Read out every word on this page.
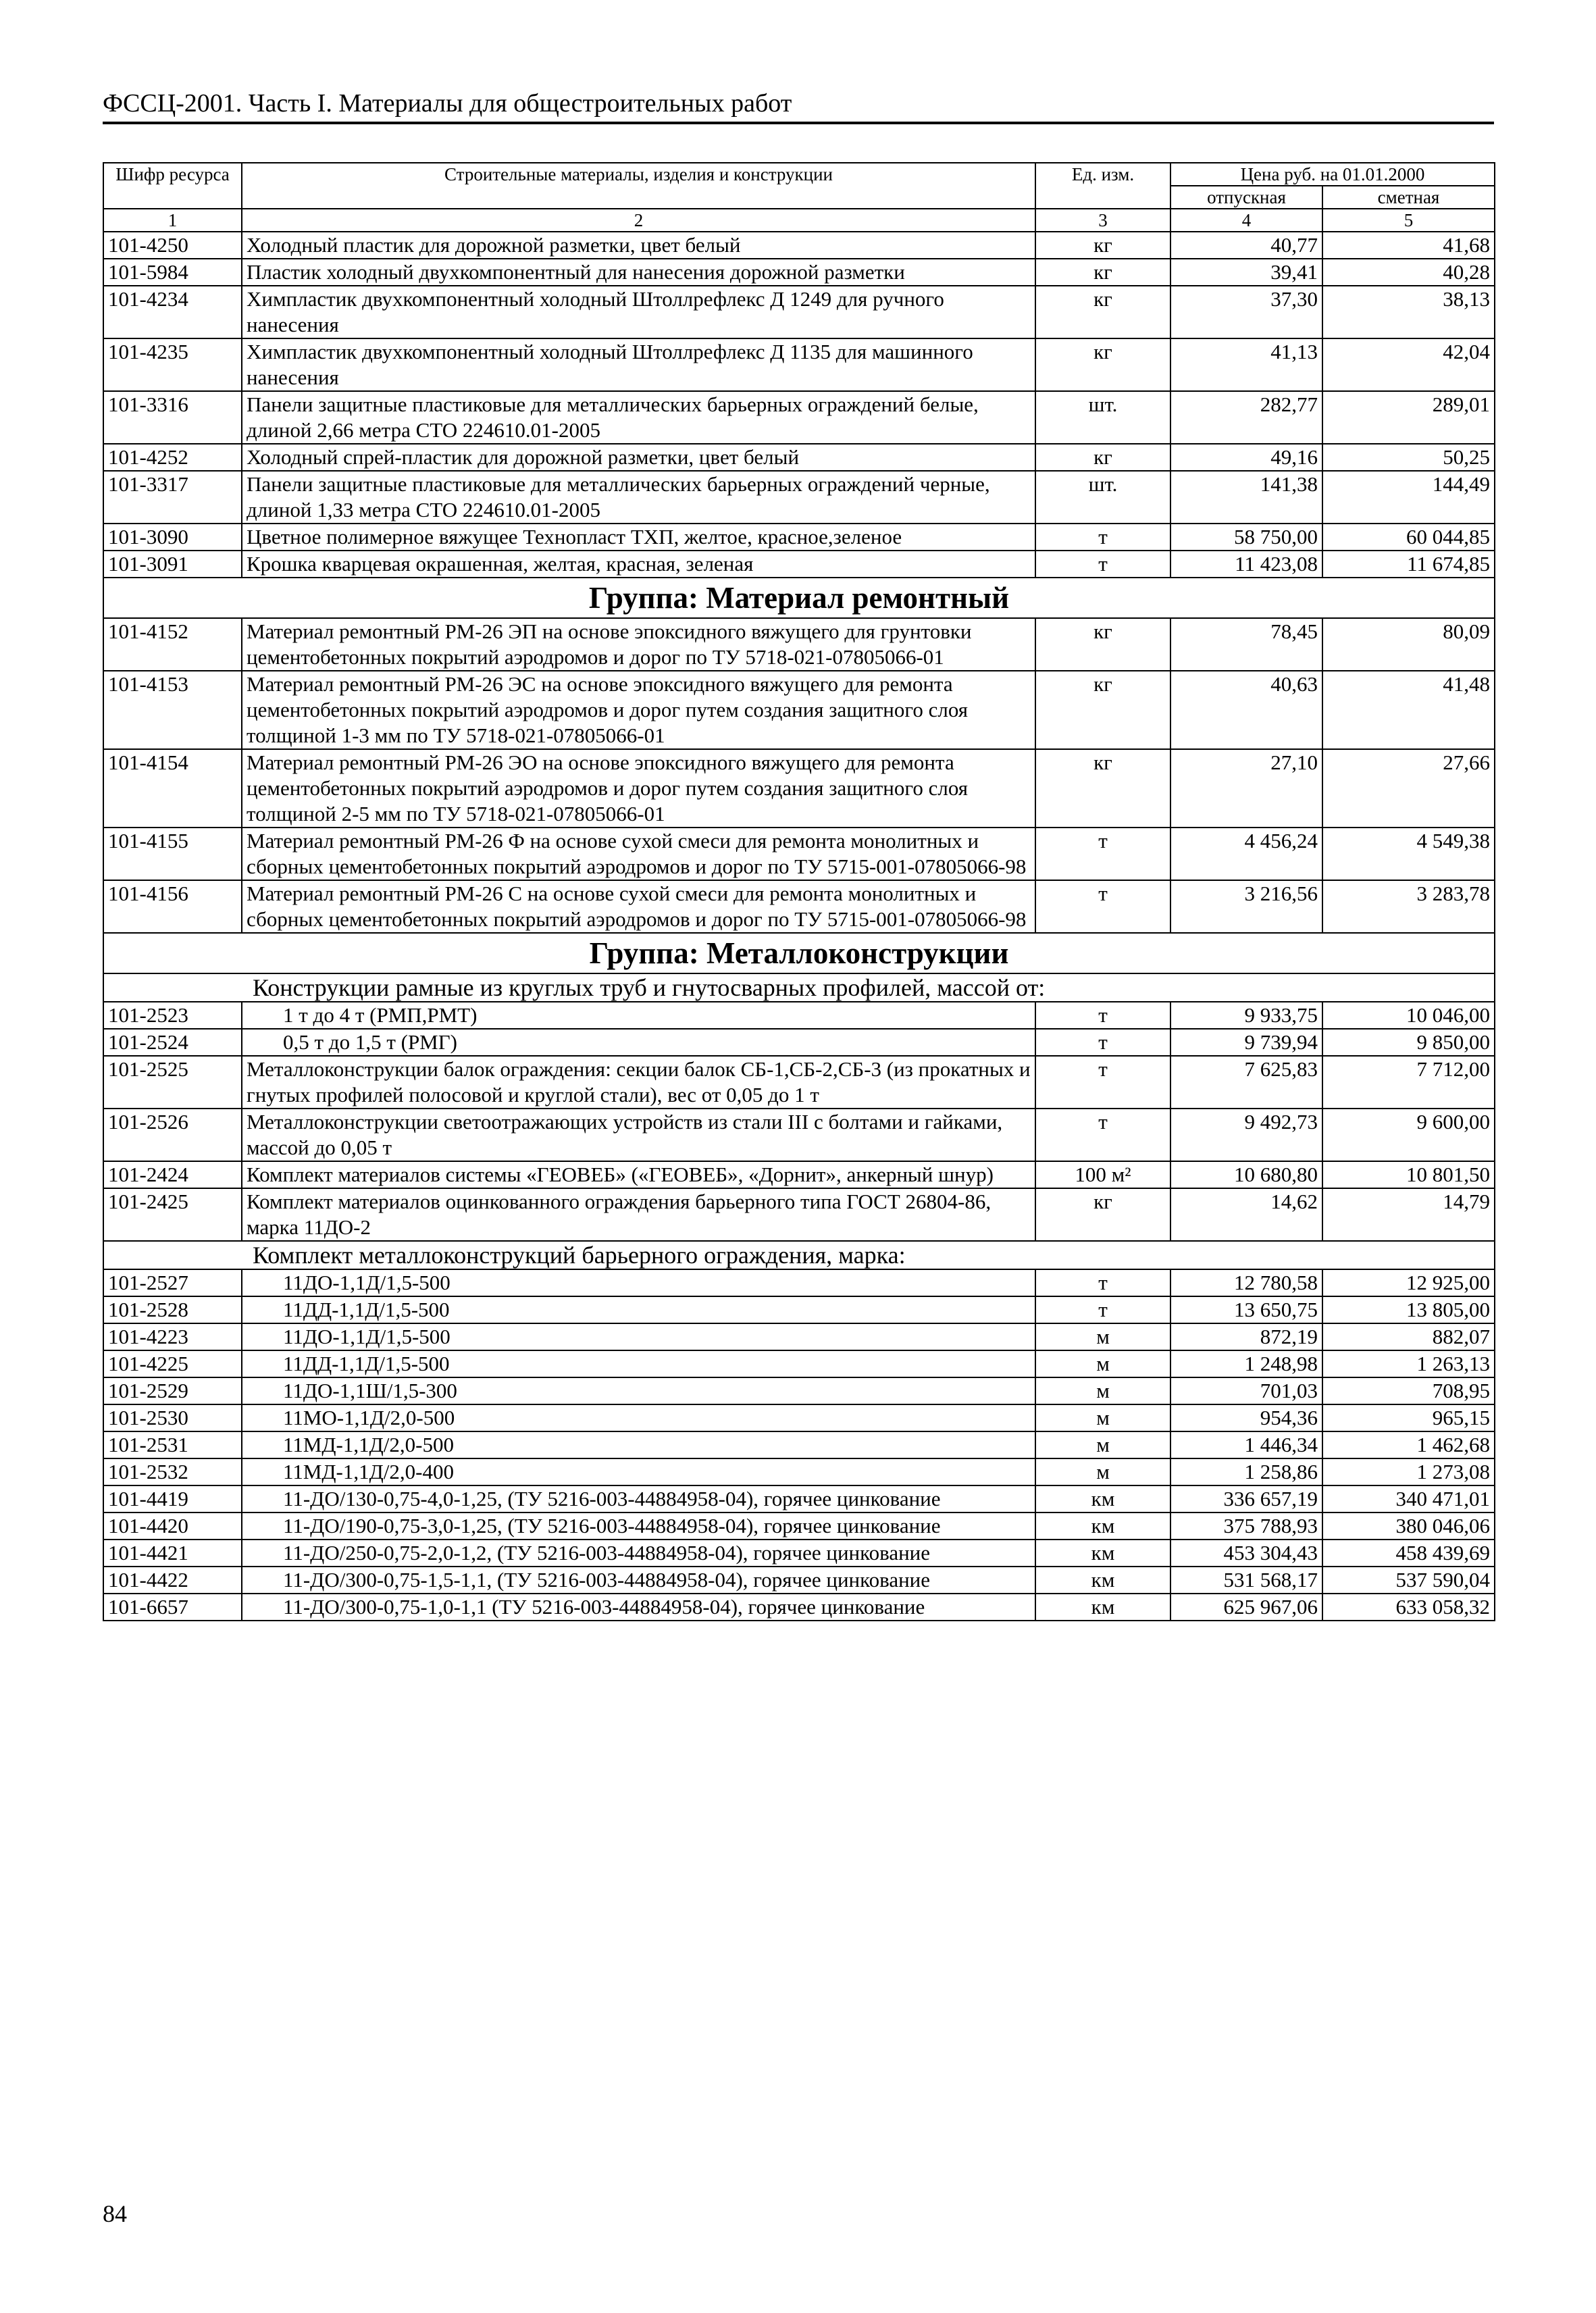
ФССЦ-2001. Часть I. Материалы для общестроительных работ
Шифр ресурса	Строительные материалы, изделия и конструкции	Ед. изм.	Цена руб. на 01.01.2000	
			отпускная	сметная
1	2	3	4	5
101-4250	Холодный пластик для дорожной разметки, цвет белый	кг	40,77	41,68
101-5984	Пластик холодный двухкомпонентный для нанесения дорожной разметки	кг	39,41	40,28
101-4234	Химпластик двухкомпонентный холодный Штоллрефлекс Д 1249 для ручного нанесения	кг	37,30	38,13
101-4235	Химпластик двухкомпонентный холодный Штоллрефлекс Д 1135 для машинного нанесения	кг	41,13	42,04
101-3316	Панели защитные пластиковые для металлических барьерных ограждений белые, длиной 2,66 метра СТО 224610.01-2005	шт.	282,77	289,01
101-4252	Холодный спрей-пластик для дорожной разметки, цвет белый	кг	49,16	50,25
101-3317	Панели защитные пластиковые для металлических барьерных ограждений черные, длиной 1,33 метра СТО 224610.01-2005	шт.	141,38	144,49
101-3090	Цветное полимерное вяжущее Технопласт ТХП, желтое, красное,зеленое	т	58 750,00	60 044,85
101-3091	Крошка кварцевая окрашенная, желтая, красная, зеленая	т	11 423,08	11 674,85
Группа: Материал ремонтный				
101-4152	Материал ремонтный РМ-26 ЭП на основе эпоксидного вяжущего для грунтовки цементобетонных покрытий аэродромов и дорог по ТУ 5718-021-07805066-01	кг	78,45	80,09
101-4153	Материал ремонтный РМ-26 ЭС на основе эпоксидного вяжущего для ремонта цементобетонных покрытий аэродромов и дорог путем создания защитного слоя толщиной 1-3 мм по ТУ 5718-021-07805066-01	кг	40,63	41,48
101-4154	Материал ремонтный РМ-26 ЭО на основе эпоксидного вяжущего для ремонта цементобетонных покрытий аэродромов и дорог путем создания защитного слоя толщиной 2-5 мм по ТУ 5718-021-07805066-01	кг	27,10	27,66
101-4155	Материал ремонтный РМ-26 Ф на основе сухой смеси для ремонта монолитных и сборных цементобетонных покрытий аэродромов и дорог по ТУ 5715-001-07805066-98	т	4 456,24	4 549,38
101-4156	Материал ремонтный РМ-26 С на основе сухой смеси для ремонта монолитных и сборных цементобетонных покрытий аэродромов и дорог по ТУ 5715-001-07805066-98	т	3 216,56	3 283,78
Группа: Металлоконструкции				
Конструкции рамные из круглых труб и гнутосварных профилей, массой от:				
101-2523	1 т до 4 т (РМП,РМТ)	т	9 933,75	10 046,00
101-2524	0,5 т до 1,5 т (РМГ)	т	9 739,94	9 850,00
101-2525	Металлоконструкции балок ограждения: секции балок СБ-1,СБ-2,СБ-3 (из прокатных и гнутых профилей полосовой и круглой стали), вес от 0,05 до 1 т	т	7 625,83	7 712,00
101-2526	Металлоконструкции светоотражающих устройств из стали III с болтами и гайками, массой до 0,05 т	т	9 492,73	9 600,00
101-2424	Комплект материалов системы «ГЕОВЕБ» («ГЕОВЕБ», «Дорнит», анкерный шнур)	100 м²	10 680,80	10 801,50
101-2425	Комплект материалов оцинкованного ограждения барьерного типа ГОСТ 26804-86, марка 11ДО-2	кг	14,62	14,79
Комплект металлоконструкций барьерного ограждения, марка:				
101-2527	11ДО-1,1Д/1,5-500	т	12 780,58	12 925,00
101-2528	11ДД-1,1Д/1,5-500	т	13 650,75	13 805,00
101-4223	11ДО-1,1Д/1,5-500	м	872,19	882,07
101-4225	11ДД-1,1Д/1,5-500	м	1 248,98	1 263,13
101-2529	11ДО-1,1Ш/1,5-300	м	701,03	708,95
101-2530	11МО-1,1Д/2,0-500	м	954,36	965,15
101-2531	11МД-1,1Д/2,0-500	м	1 446,34	1 462,68
101-2532	11МД-1,1Д/2,0-400	м	1 258,86	1 273,08
101-4419	11-ДО/130-0,75-4,0-1,25, (ТУ 5216-003-44884958-04), горячее цинкование	км	336 657,19	340 471,01
101-4420	11-ДО/190-0,75-3,0-1,25, (ТУ 5216-003-44884958-04), горячее цинкование	км	375 788,93	380 046,06
101-4421	11-ДО/250-0,75-2,0-1,2, (ТУ 5216-003-44884958-04), горячее цинкование	км	453 304,43	458 439,69
101-4422	11-ДО/300-0,75-1,5-1,1, (ТУ 5216-003-44884958-04), горячее цинкование	км	531 568,17	537 590,04
101-6657	11-ДО/300-0,75-1,0-1,1 (ТУ 5216-003-44884958-04), горячее цинкование	км	625 967,06	633 058,32
84
